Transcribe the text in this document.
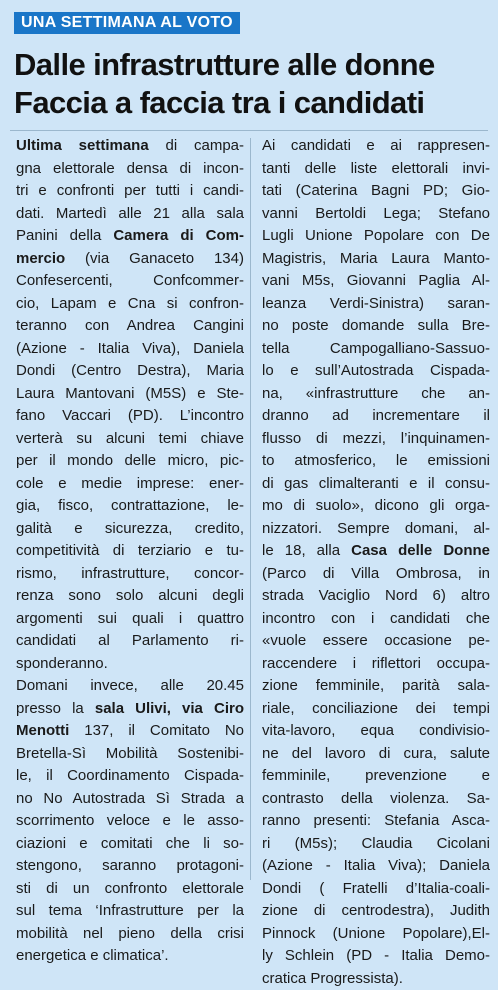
UNA SETTIMANA AL VOTO
Dalle infrastrutture alle donne
Faccia a faccia tra i candidati
Ultima settimana di campa-
gna elettorale densa di incon-
tri e confronti per tutti i candi-
dati. Martedì alle 21 alla sala
Panini della Camera di Com-
mercio (via Ganaceto 134)
Confesercenti, Confcommer-
cio, Lapam e Cna si confron-
teranno con Andrea Cangini
(Azione - Italia Viva), Daniela
Dondi (Centro Destra), Maria
Laura Mantovani (M5S) e Ste-
fano Vaccari (PD). L’incontro
verterà su alcuni temi chiave
per il mondo delle micro, pic-
cole e medie imprese: ener-
gia, fisco, contrattazione, le-
galità e sicurezza, credito,
competitività di terziario e tu-
rismo, infrastrutture, concor-
renza sono solo alcuni degli
argomenti sui quali i quattro
candidati al Parlamento ri-
sponderanno.
Domani invece, alle 20.45
presso la sala Ulivi, via Ciro
Menotti 137, il Comitato No
Bretella-Sì Mobilità Sostenibi-
le, il Coordinamento Cispada-
no No Autostrada Sì Strada a
scorrimento veloce e le asso-
ciazioni e comitati che li so-
stengono, saranno protagoni-
sti di un confronto elettorale
sul tema ‘Infrastrutture per la
mobilità nel pieno della crisi
energetica e climatica’.
Ai candidati e ai rappresen-
tanti delle liste elettorali invi-
tati (Caterina Bagni PD; Gio-
vanni Bertoldi Lega; Stefano
Lugli Unione Popolare con De
Magistris, Maria Laura Manto-
vani M5s, Giovanni Paglia Al-
leanza Verdi-Sinistra) saran-
no poste domande sulla Bre-
tella Campogalliano-Sassuo-
lo e sull’Autostrada Cispada-
na, «infrastrutture che an-
dranno ad incrementare il
flusso di mezzi, l’inquinamen-
to atmosferico, le emissioni
di gas climalteranti e il consu-
mo di suolo», dicono gli orga-
nizzatori. Sempre domani, al-
le 18, alla Casa delle Donne
(Parco di Villa Ombrosa, in
strada Vaciglio Nord 6) altro
incontro con i candidati che
«vuole essere occasione pe-
raccendere i riflettori occupa-
zione femminile, parità sala-
riale, conciliazione dei tempi
vita-lavoro, equa condivisio-
ne del lavoro di cura, salute
femminile, prevenzione e
contrasto della violenza. Sa-
ranno presenti: Stefania Asca-
ri (M5s); Claudia Cicolani
(Azione - Italia Viva); Daniela
Dondi ( Fratelli d’Italia-coali-
zione di centrodestra), Judith
Pinnock (Unione Popolare),El-
ly Schlein (PD - Italia Demo-
cratica Progressista).
